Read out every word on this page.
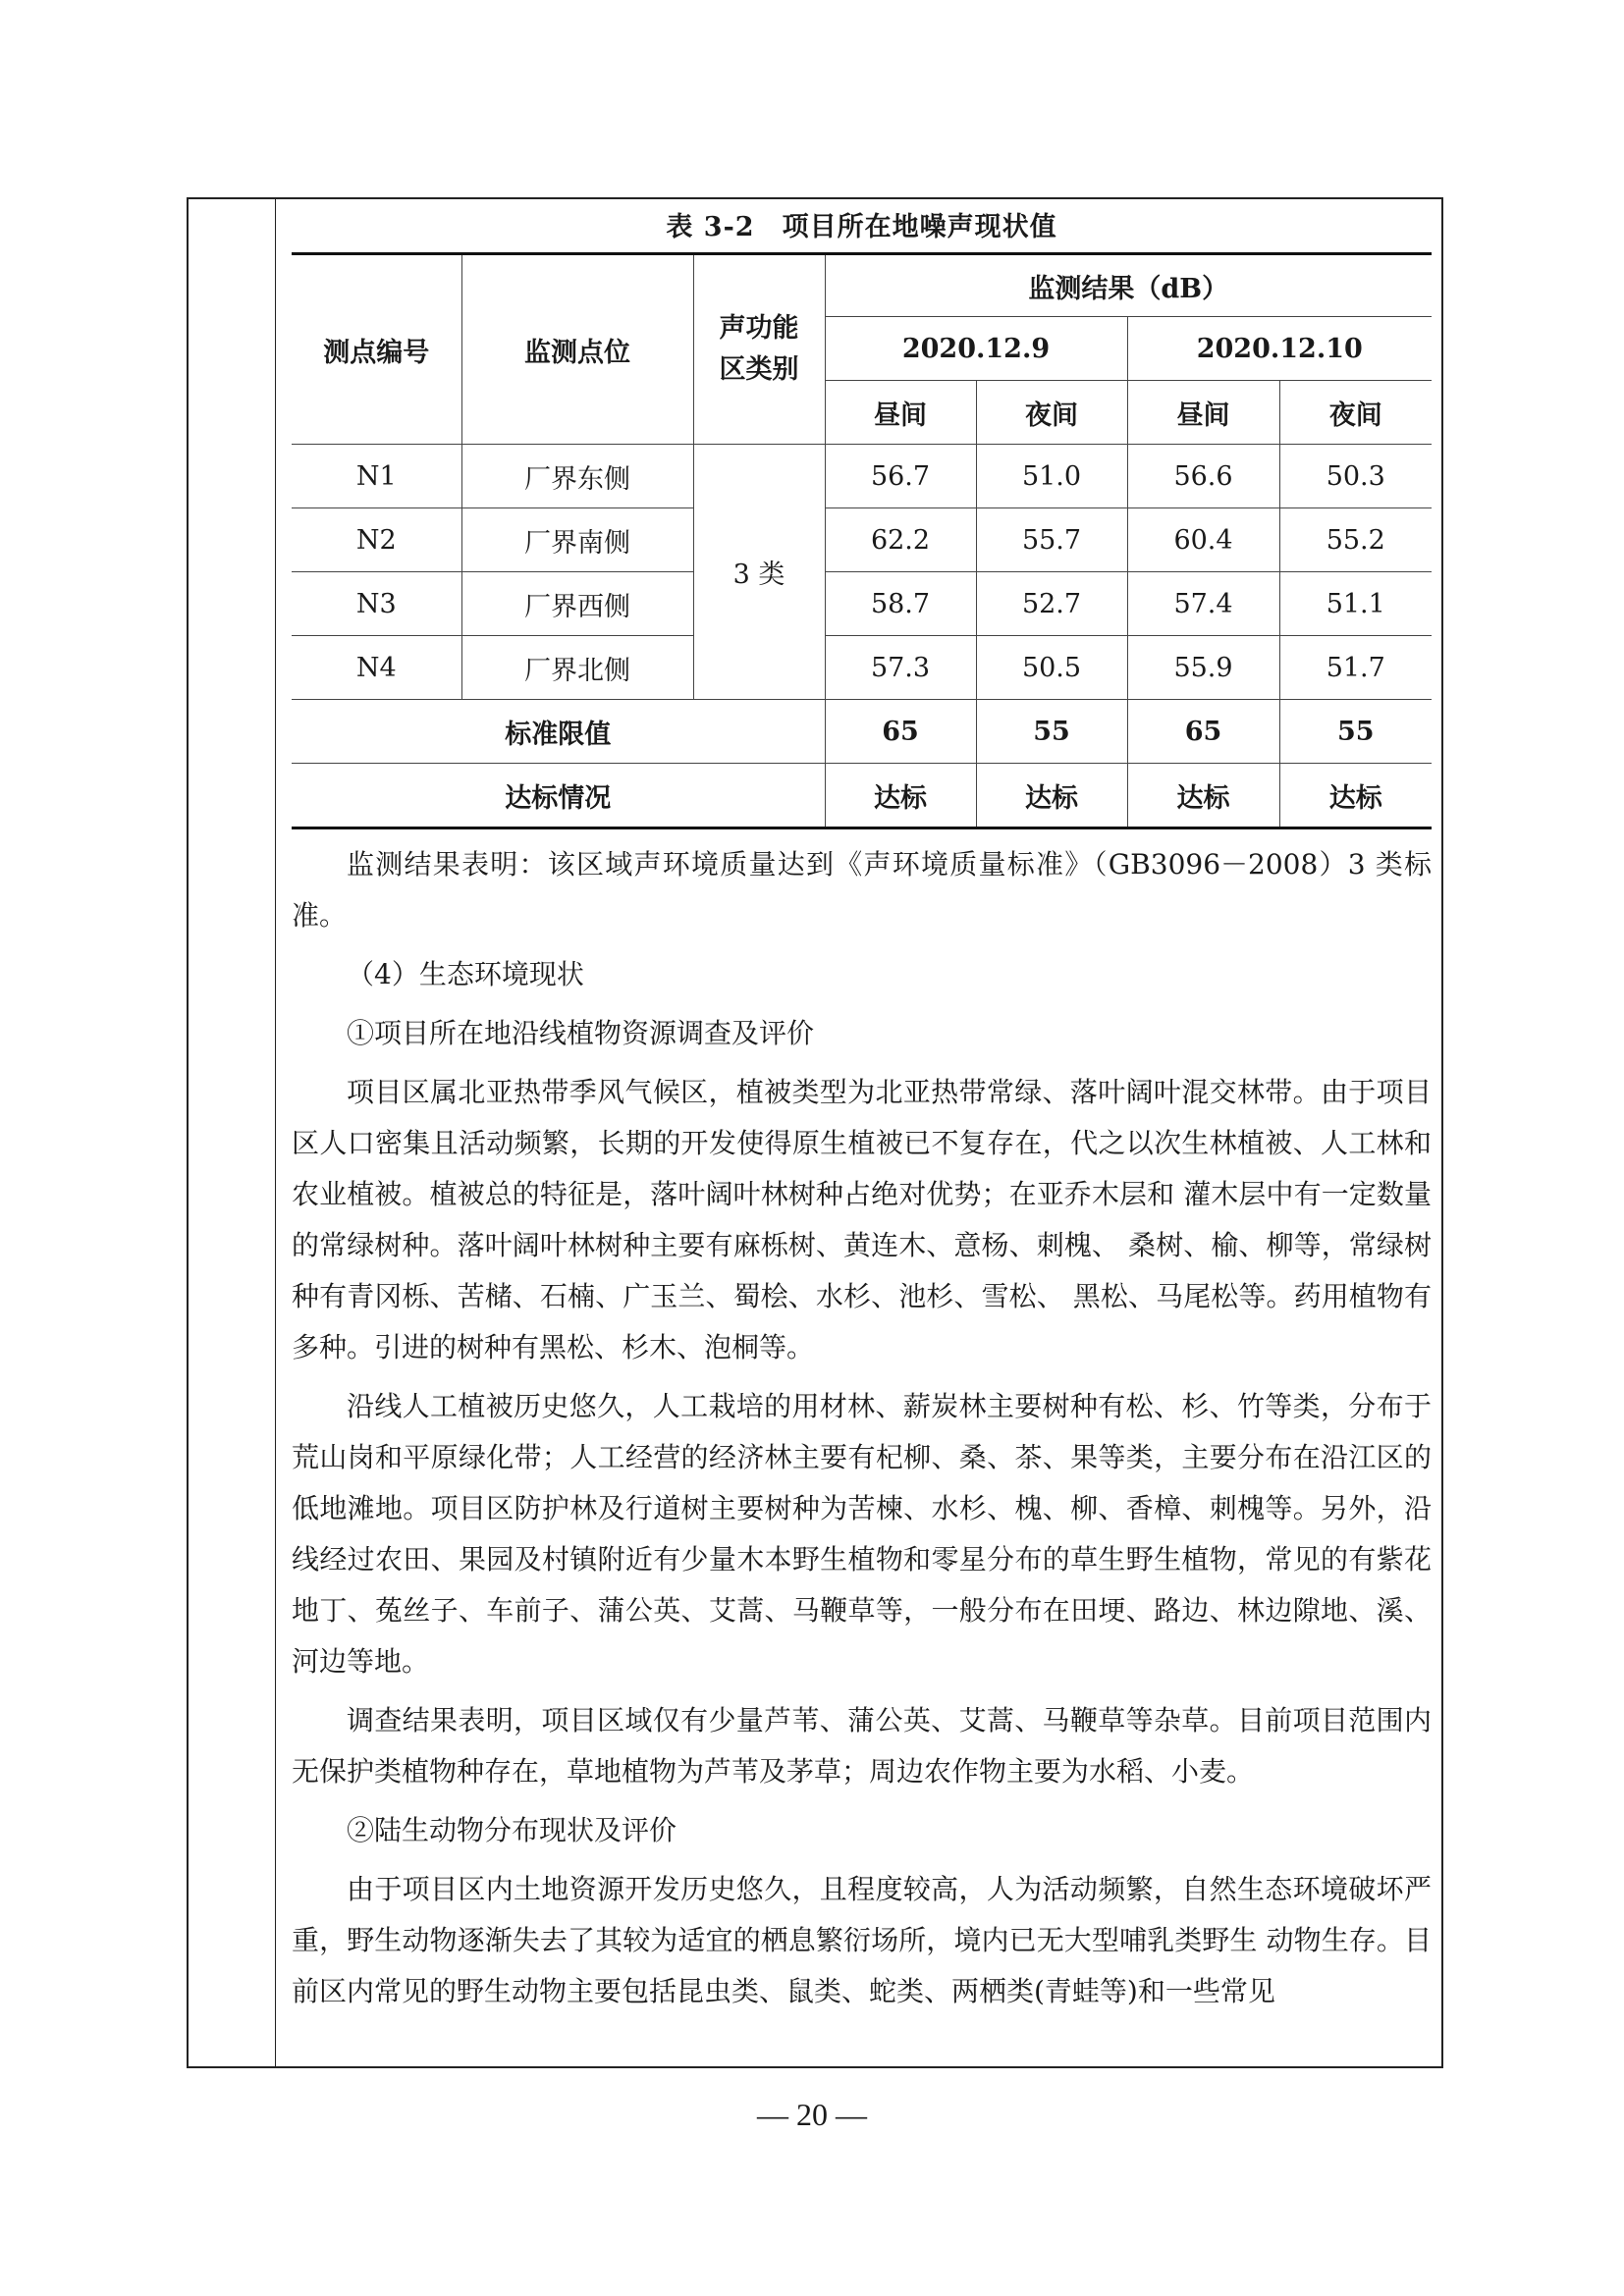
表 3-2　项目所在地噪声现状值
测点编号	监测点位	声功能区类别	监测结果（dB）			
			2020.12.9		2020.12.10	
			昼间	夜间	昼间	夜间
N1	厂界东侧	3 类	56.7	51.0	56.6	50.3
N2	厂界南侧		62.2	55.7	60.4	55.2
N3	厂界西侧		58.7	52.7	57.4	51.1
N4	厂界北侧		57.3	50.5	55.9	51.7
标准限值			65	55	65	55
达标情况			达标	达标	达标	达标

监测结果表明：该区域声环境质量达到《声环境质量标准》（GB3096－2008）3 类标准。

（4）生态环境现状

①项目所在地沿线植物资源调查及评价

项目区属北亚热带季风气候区，植被类型为北亚热带常绿、落叶阔叶混交林带。由于项目区人口密集且活动频繁，长期的开发使得原生植被已不复存在，代之以次生林植被、人工林和农业植被。植被总的特征是，落叶阔叶林树种占绝对优势；在亚乔木层和 灌木层中有一定数量的常绿树种。落叶阔叶林树种主要有麻栎树、黄连木、意杨、刺槐、 桑树、榆、柳等，常绿树种有青冈栎、苦槠、石楠、广玉兰、蜀桧、水杉、池杉、雪松、 黑松、马尾松等。药用植物有多种。引进的树种有黑松、杉木、泡桐等。

沿线人工植被历史悠久，人工栽培的用材林、薪炭林主要树种有松、杉、竹等类，分布于荒山岗和平原绿化带；人工经营的经济林主要有杞柳、桑、茶、果等类，主要分布在沿江区的低地滩地。项目区防护林及行道树主要树种为苦楝、水杉、槐、柳、香樟、刺槐等。另外，沿线经过农田、果园及村镇附近有少量木本野生植物和零星分布的草生野生植物，常见的有紫花地丁、菟丝子、车前子、蒲公英、艾蒿、马鞭草等，一般分布在田埂、路边、林边隙地、溪、河边等地。

调查结果表明，项目区域仅有少量芦苇、蒲公英、艾蒿、马鞭草等杂草。目前项目范围内无保护类植物种存在，草地植物为芦苇及茅草；周边农作物主要为水稻、小麦。

②陆生动物分布现状及评价

由于项目区内土地资源开发历史悠久，且程度较高，人为活动频繁，自然生态环境破坏严重，野生动物逐渐失去了其较为适宜的栖息繁衍场所，境内已无大型哺乳类野生 动物生存。目前区内常见的野生动物主要包括昆虫类、鼠类、蛇类、两栖类(青蛙等)和一些常见

— 20 —
